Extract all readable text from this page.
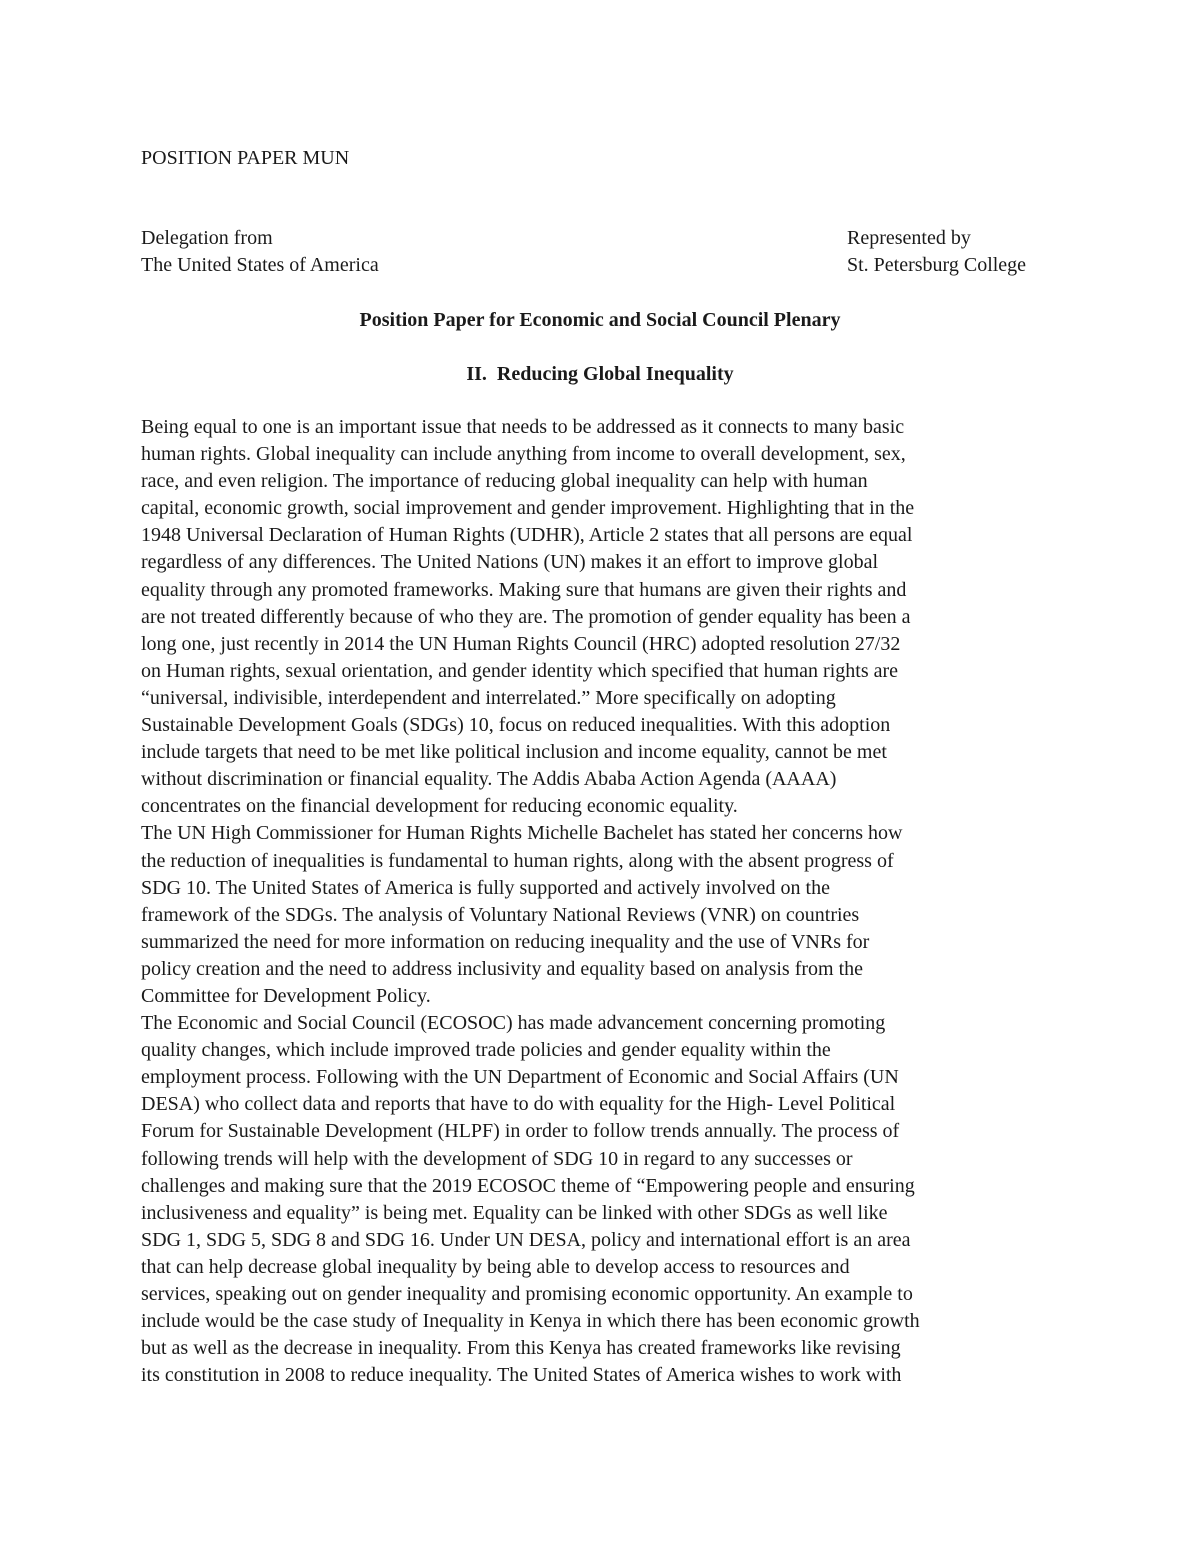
POSITION PAPER MUN
Delegation from
The United States of America
Represented by
St. Petersburg College
Position Paper for Economic and Social Council Plenary
II.  Reducing Global Inequality
Being equal to one is an important issue that needs to be addressed as it connects to many basic
human rights. Global inequality can include anything from income to overall development, sex,
race, and even religion. The importance of reducing global inequality can help with human
capital, economic growth, social improvement and gender improvement. Highlighting that in the
1948 Universal Declaration of Human Rights (UDHR), Article 2 states that all persons are equal
regardless of any differences. The United Nations (UN) makes it an effort to improve global
equality through any promoted frameworks. Making sure that humans are given their rights and
are not treated differently because of who they are. The promotion of gender equality has been a
long one, just recently in 2014 the UN Human Rights Council (HRC) adopted resolution 27/32
on Human rights, sexual orientation, and gender identity which specified that human rights are
“universal, indivisible, interdependent and interrelated.” More specifically on adopting
Sustainable Development Goals (SDGs) 10, focus on reduced inequalities. With this adoption
include targets that need to be met like political inclusion and income equality, cannot be met
without discrimination or financial equality. The Addis Ababa Action Agenda (AAAA)
concentrates on the financial development for reducing economic equality.
The UN High Commissioner for Human Rights Michelle Bachelet has stated her concerns how
the reduction of inequalities is fundamental to human rights, along with the absent progress of
SDG 10. The United States of America is fully supported and actively involved on the
framework of the SDGs. The analysis of Voluntary National Reviews (VNR) on countries
summarized the need for more information on reducing inequality and the use of VNRs for
policy creation and the need to address inclusivity and equality based on analysis from the
Committee for Development Policy.
The Economic and Social Council (ECOSOC) has made advancement concerning promoting
quality changes, which include improved trade policies and gender equality within the
employment process. Following with the UN Department of Economic and Social Affairs (UN
DESA) who collect data and reports that have to do with equality for the High- Level Political
Forum for Sustainable Development (HLPF) in order to follow trends annually. The process of
following trends will help with the development of SDG 10 in regard to any successes or
challenges and making sure that the 2019 ECOSOC theme of “Empowering people and ensuring
inclusiveness and equality” is being met. Equality can be linked with other SDGs as well like
SDG 1, SDG 5, SDG 8 and SDG 16. Under UN DESA, policy and international effort is an area
that can help decrease global inequality by being able to develop access to resources and
services, speaking out on gender inequality and promising economic opportunity. An example to
include would be the case study of Inequality in Kenya in which there has been economic growth
but as well as the decrease in inequality. From this Kenya has created frameworks like revising
its constitution in 2008 to reduce inequality. The United States of America wishes to work with
